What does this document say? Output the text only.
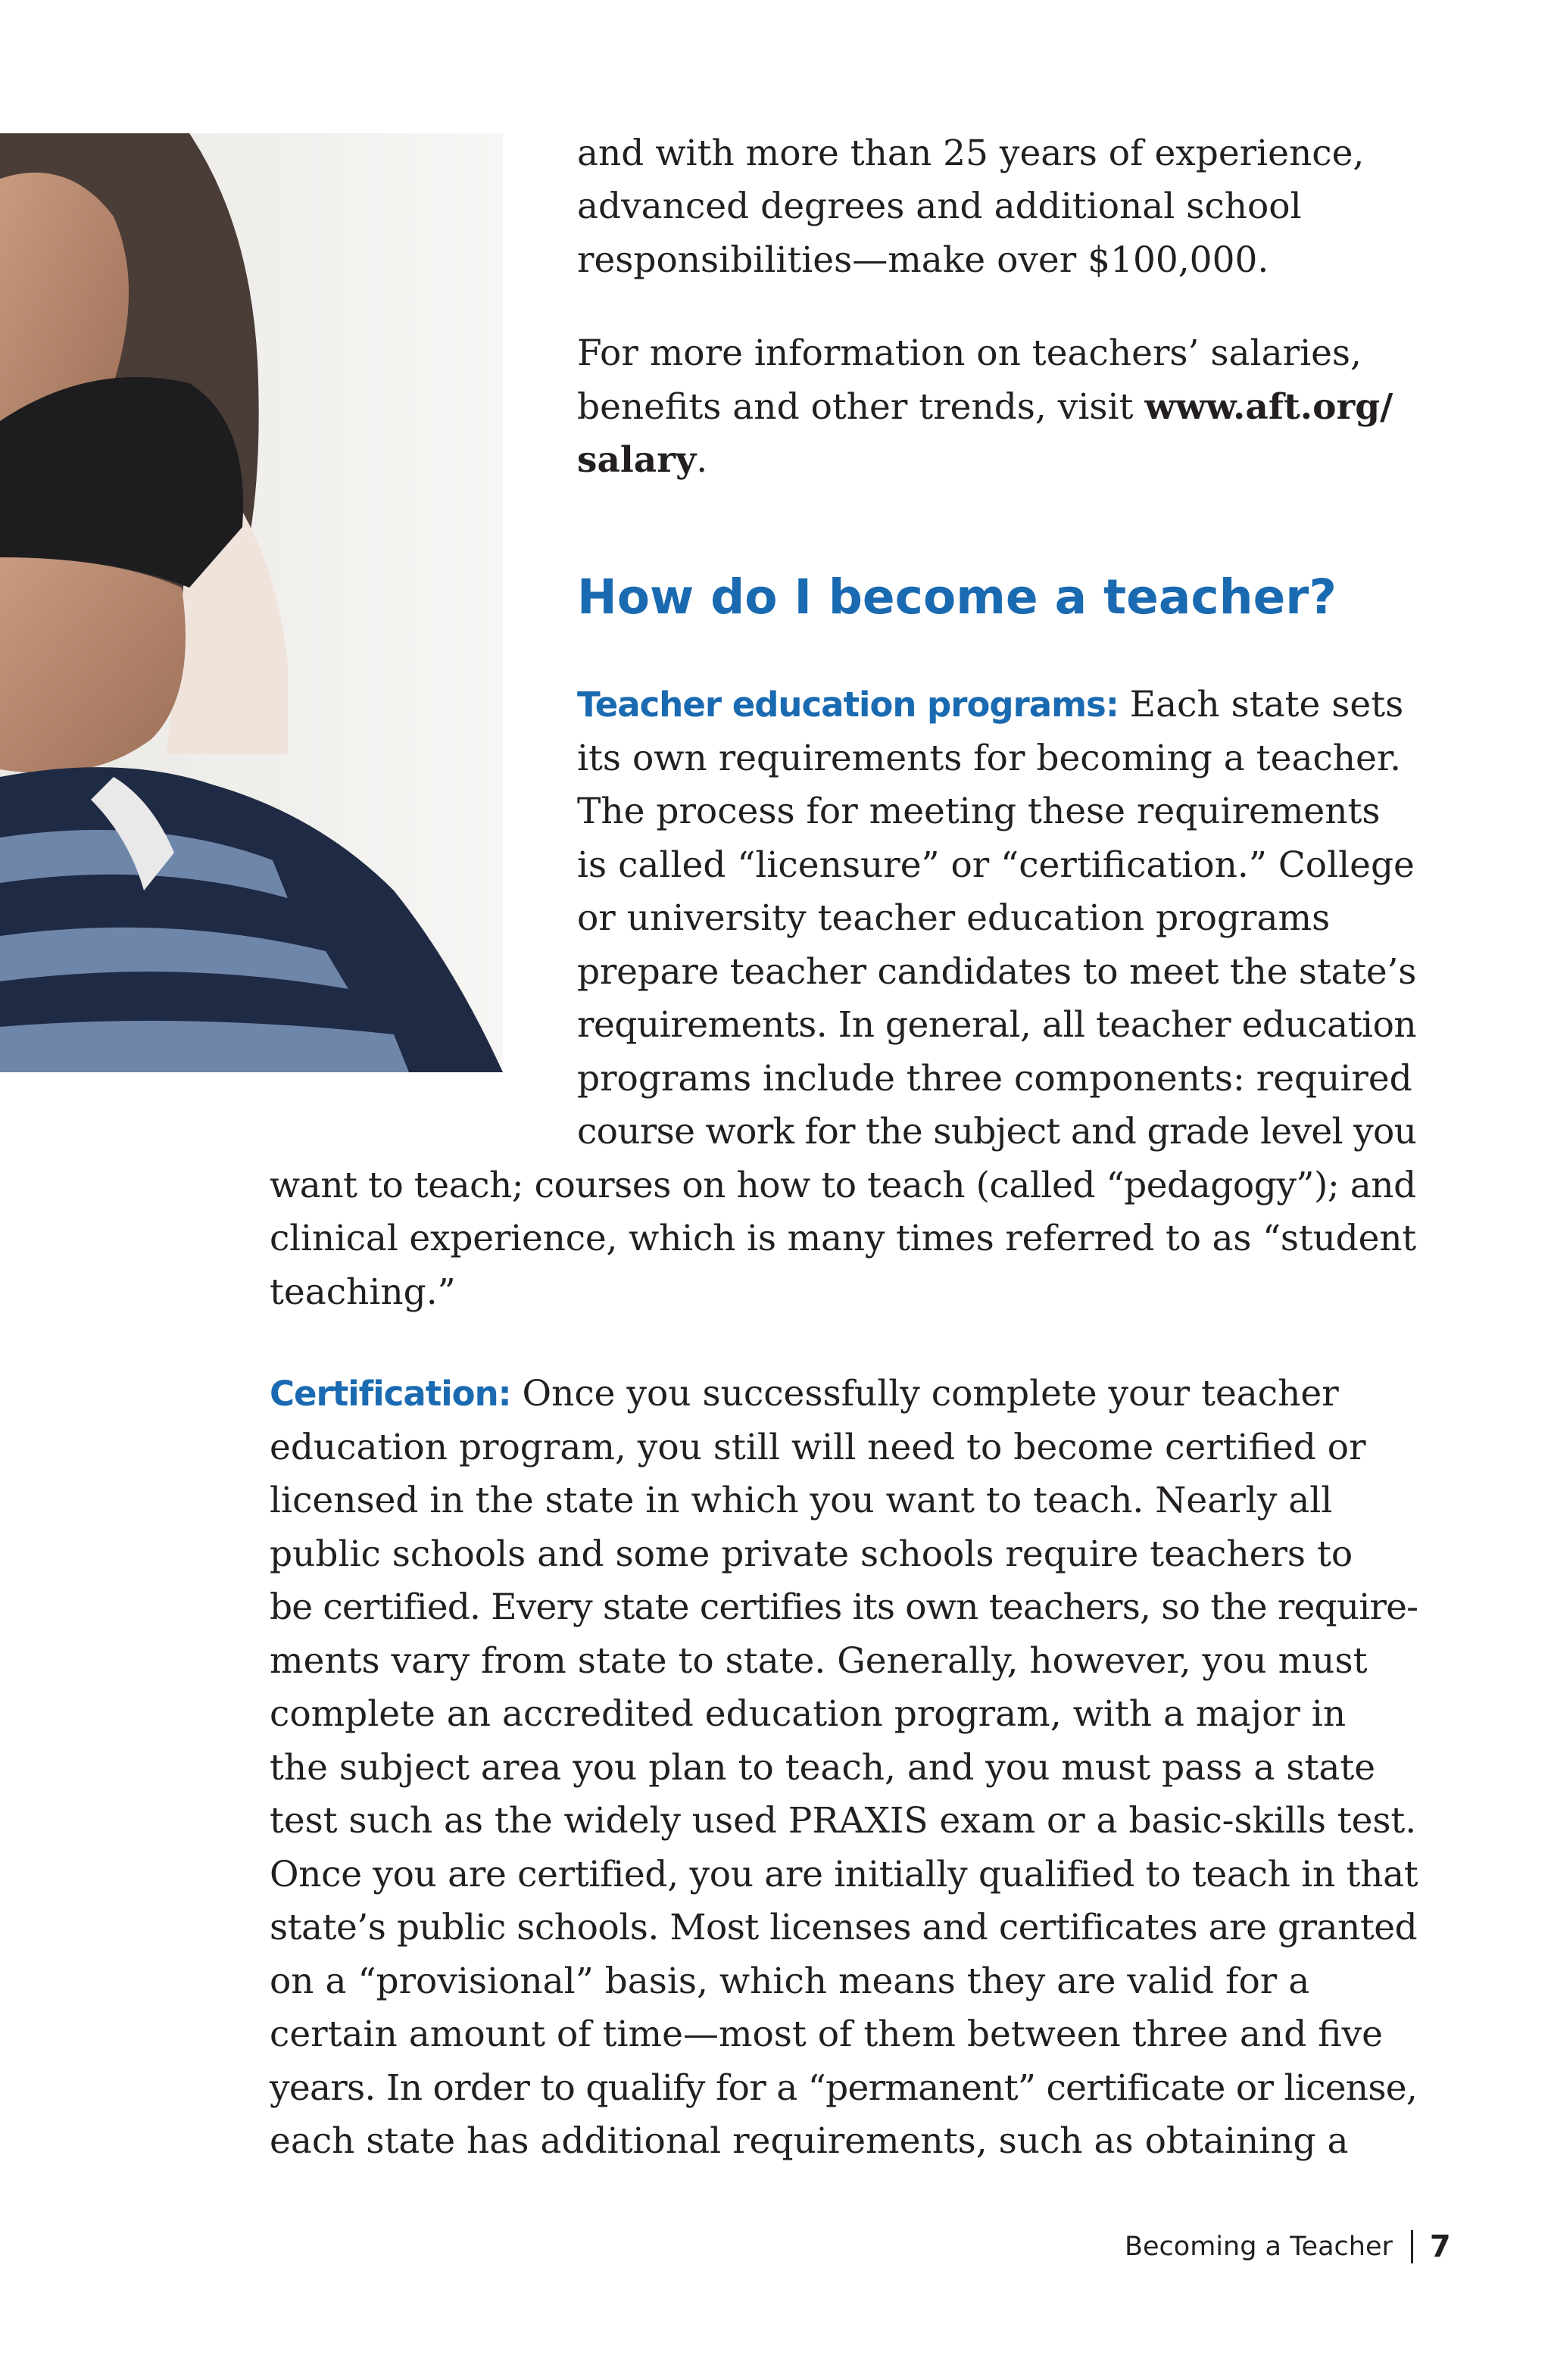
and with more than 25 years of experience,
advanced degrees and additional school
responsibilities—make over $100,000.
For more information on teachers’ salaries,
benefits and other trends, visit www.aft.org/
salary.
How do I become a teacher?
Teacher education programs: Each state sets
its own requirements for becoming a teacher.
The process for meeting these requirements
is called “licensure” or “certification.” College
or university teacher education programs
prepare teacher candidates to meet the state’s
requirements. In general, all teacher education
programs include three components: required
course work for the subject and grade level you
want to teach; courses on how to teach (called “pedagogy”); and
clinical experience, which is many times referred to as “student
teaching.”
Certification: Once you successfully complete your teacher
education program, you still will need to become certified or
licensed in the state in which you want to teach. Nearly all
public schools and some private schools require teachers to
be certified. Every state certifies its own teachers, so the require-
ments vary from state to state. Generally, however, you must
complete an accredited education program, with a major in
the subject area you plan to teach, and you must pass a state
test such as the widely used PRAXIS exam or a basic-skills test.
Once you are certified, you are initially qualified to teach in that
state’s public schools. Most licenses and certificates are granted
on a “provisional” basis, which means they are valid for a
certain amount of time—most of them between three and five
years. In order to qualify for a “permanent” certificate or license,
each state has additional requirements, such as obtaining a
Becoming a Teacher 7
